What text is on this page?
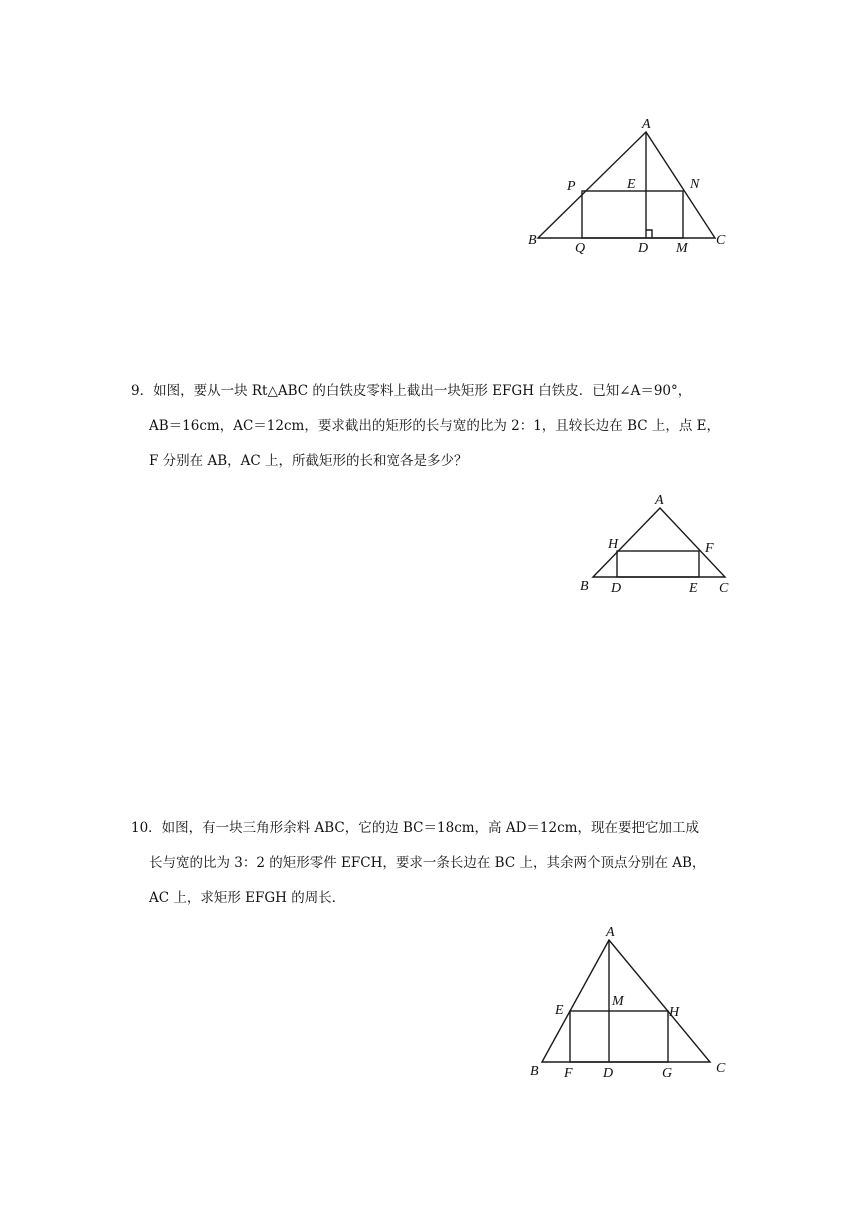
A
P	E	N
B
Q	D M
C

9．如图，要从一块 Rt△ABC 的白铁皮零料上截出一块矩形 EFGH 白铁皮．已知∠A＝90°，

AB＝16cm，AC＝12cm，要求截出的矩形的长与宽的比为 2：1，且较长边在 BC 上，点 E，

F 分别在 AB，AC 上，所截矩形的长和宽各是多少？

A
H	F
B D	E C

10．如图，有一块三角形余料 ABC，它的边 BC＝18cm，高 AD＝12cm，现在要把它加工成

长与宽的比为 3：2 的矩形零件 EFCH，要求一条长边在 BC 上，其余两个顶点分别在 AB，

AC 上，求矩形 EFGH 的周长．

A
E
M
H
B F D	G	C
